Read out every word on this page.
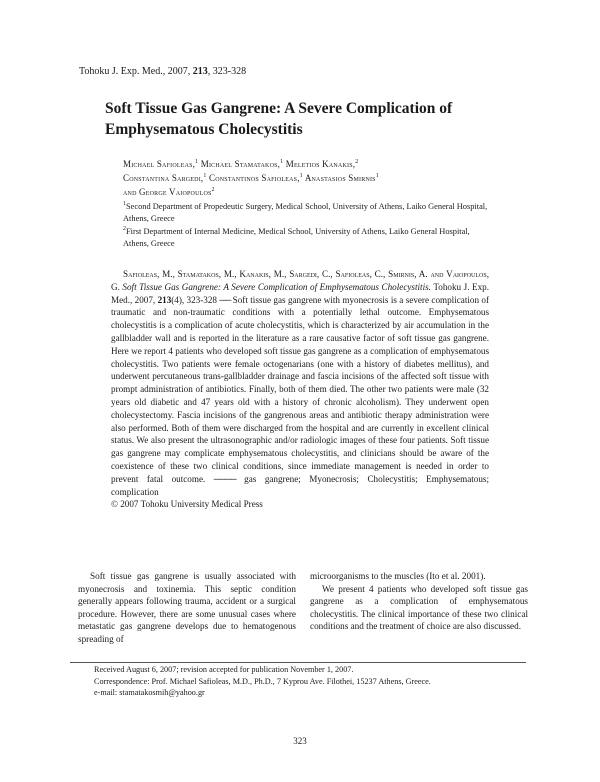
Tohoku J. Exp. Med., 2007, 213, 323-328
Soft Tissue Gas Gangrene: A Severe Complication of
Emphysematous Cholecystitis
Michael Safioleas,$^1$ Michael Stamatakos,$^1$ Meletios Kanakis,$^2$
Constantina Sargedi,$^1$ Constantinos Safioleas,$^1$ Anastasios Smirnis$^1$
and George Vaiopoulos$^2$

$^1$Second Department of Propedeutic Surgery, Medical School, University of Athens, Laiko General Hospital, Athens, Greece

$^2$First Department of Internal Medicine, Medical School, University of Athens, Laiko General Hospital, Athens, Greece

Safioleas, M., Stamatakos, M., Kanakis, M., Sargedi, C., Safioleas, C., Smirnis, A. and Vaiopoulos, G. Soft Tissue Gas Gangrene: A Severe Complication of Emphysematous Cholecystitis. Tohoku J. Exp. Med., 2007, 213(4), 323-328 ── Soft tissue gas gangrene with myonecrosis is a severe complication of traumatic and non-traumatic conditions with a potentially lethal outcome. Emphysematous cholecystitis is a complication of acute cholecystitis, which is characterized by air accumulation in the gallbladder wall and is reported in the literature as a rare causative factor of soft tissue gas gangrene. Here we report 4 patients who developed soft tissue gas gangrene as a complication of emphysematous cholecystitis. Two patients were female octogenarians (one with a history of diabetes mellitus), and underwent percutaneous trans-gallbladder drainage and fascia incisions of the affected soft tissue with prompt administration of antibiotics. Finally, both of them died. The other two patients were male (32 years old diabetic and 47 years old with a history of chronic alcoholism). They underwent open cholecystectomy. Fascia incisions of the gangrenous areas and antibiotic therapy administration were also performed. Both of them were discharged from the hospital and are currently in excellent clinical status. We also present the ultrasonographic and/or radiologic images of these four patients. Soft tissue gas gangrene may complicate emphysematous cholecystitis, and clinicians should be aware of the coexistence of these two clinical conditions, since immediate management is needed in order to prevent fatal outcome. ──── gas gangrene; Myonecrosis; Cholecystitis; Emphysematous; complication

© 2007 Tohoku University Medical Press

Soft tissue gas gangrene is usually associated with myonecrosis and toxinemia. This septic condition generally appears following trauma, accident or a surgical procedure. However, there are some unusual cases where metastatic gas gangrene develops due to hematogenous spreading of

microorganisms to the muscles (Ito et al. 2001).

We present 4 patients who developed soft tissue gas gangrene as a complication of emphysematous cholecystitis. The clinical importance of these two clinical conditions and the treatment of choice are also discussed.

Received August 6, 2007; revision accepted for publication November 1, 2007.
Correspondence: Prof. Michael Safioleas, M.D., Ph.D., 7 Kyprou Ave. Filothei, 15237 Athens, Greece.
e-mail: stamatakosmih@yahoo.gr
323
